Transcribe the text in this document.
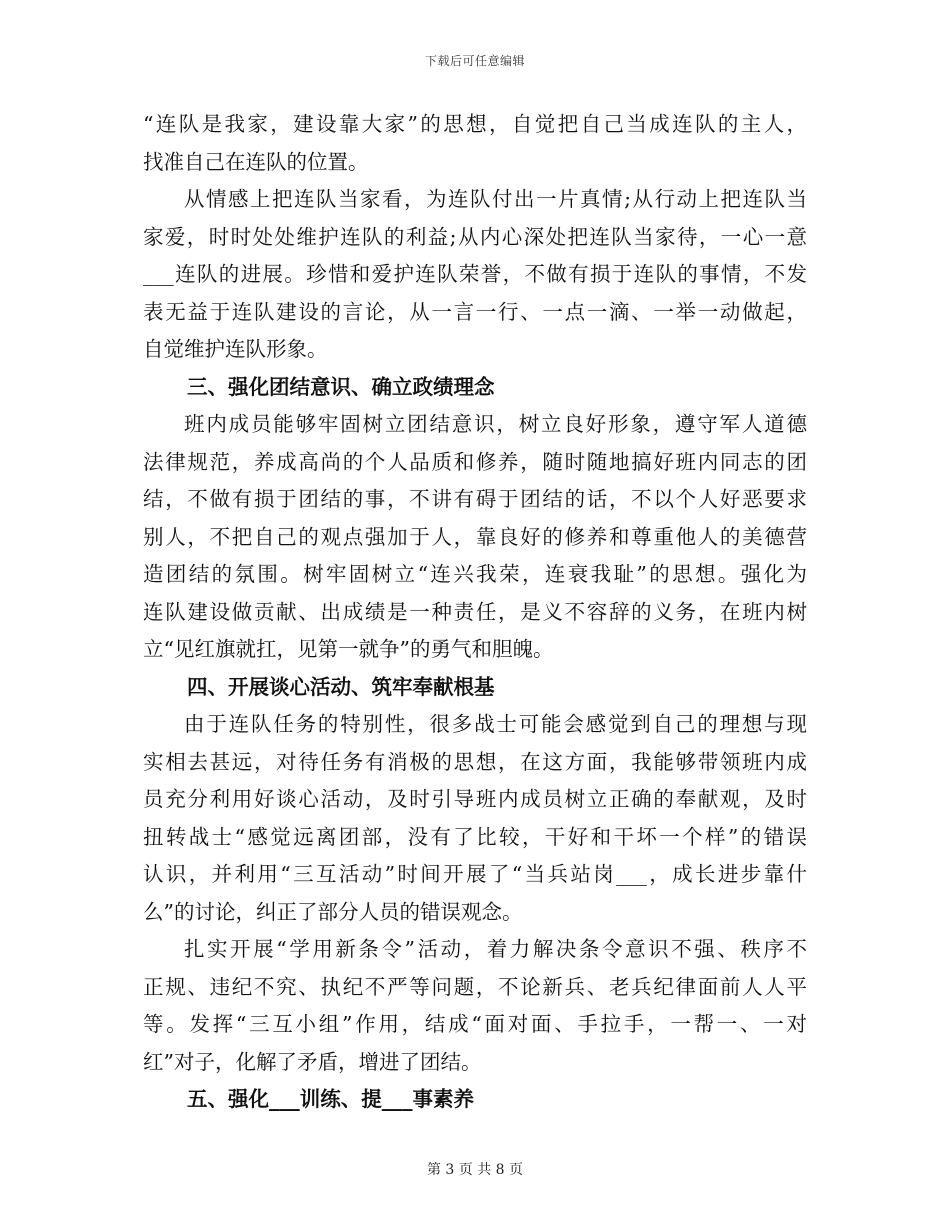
下载后可任意编辑
“连队是我家，建设靠大家”的思想，自觉把自己当成连队的主人，
找准自己在连队的位置。
从情感上把连队当家看，为连队付出一片真情;从行动上把连队当
家爱，时时处处维护连队的利益;从内心深处把连队当家待，一心一意
___连队的进展。珍惜和爱护连队荣誉，不做有损于连队的事情，不发
表无益于连队建设的言论，从一言一行、一点一滴、一举一动做起，
自觉维护连队形象。
三、强化团结意识、确立政绩理念
班内成员能够牢固树立团结意识，树立良好形象，遵守军人道德
法律规范，养成高尚的个人品质和修养，随时随地搞好班内同志的团
结，不做有损于团结的事，不讲有碍于团结的话，不以个人好恶要求
别人，不把自己的观点强加于人，靠良好的修养和尊重他人的美德营
造团结的氛围。树牢固树立“连兴我荣，连衰我耻”的思想。强化为
连队建设做贡献、出成绩是一种责任，是义不容辞的义务，在班内树
立“见红旗就扛，见第一就争”的勇气和胆魄。
四、开展谈心活动、筑牢奉献根基
由于连队任务的特别性，很多战士可能会感觉到自己的理想与现
实相去甚远，对待任务有消极的思想，在这方面，我能够带领班内成
员充分利用好谈心活动，及时引导班内成员树立正确的奉献观，及时
扭转战士“感觉远离团部，没有了比较，干好和干坏一个样”的错误
认识，并利用“三互活动”时间开展了“当兵站岗___，成长进步靠什
么”的讨论，纠正了部分人员的错误观念。
扎实开展“学用新条令”活动，着力解决条令意识不强、秩序不
正规、违纪不究、执纪不严等问题，不论新兵、老兵纪律面前人人平
等。发挥“三互小组”作用，结成“面对面、手拉手，一帮一、一对
红”对子，化解了矛盾，增进了团结。
五、强化___训练、提___事素养
第 3 页 共 8 页
